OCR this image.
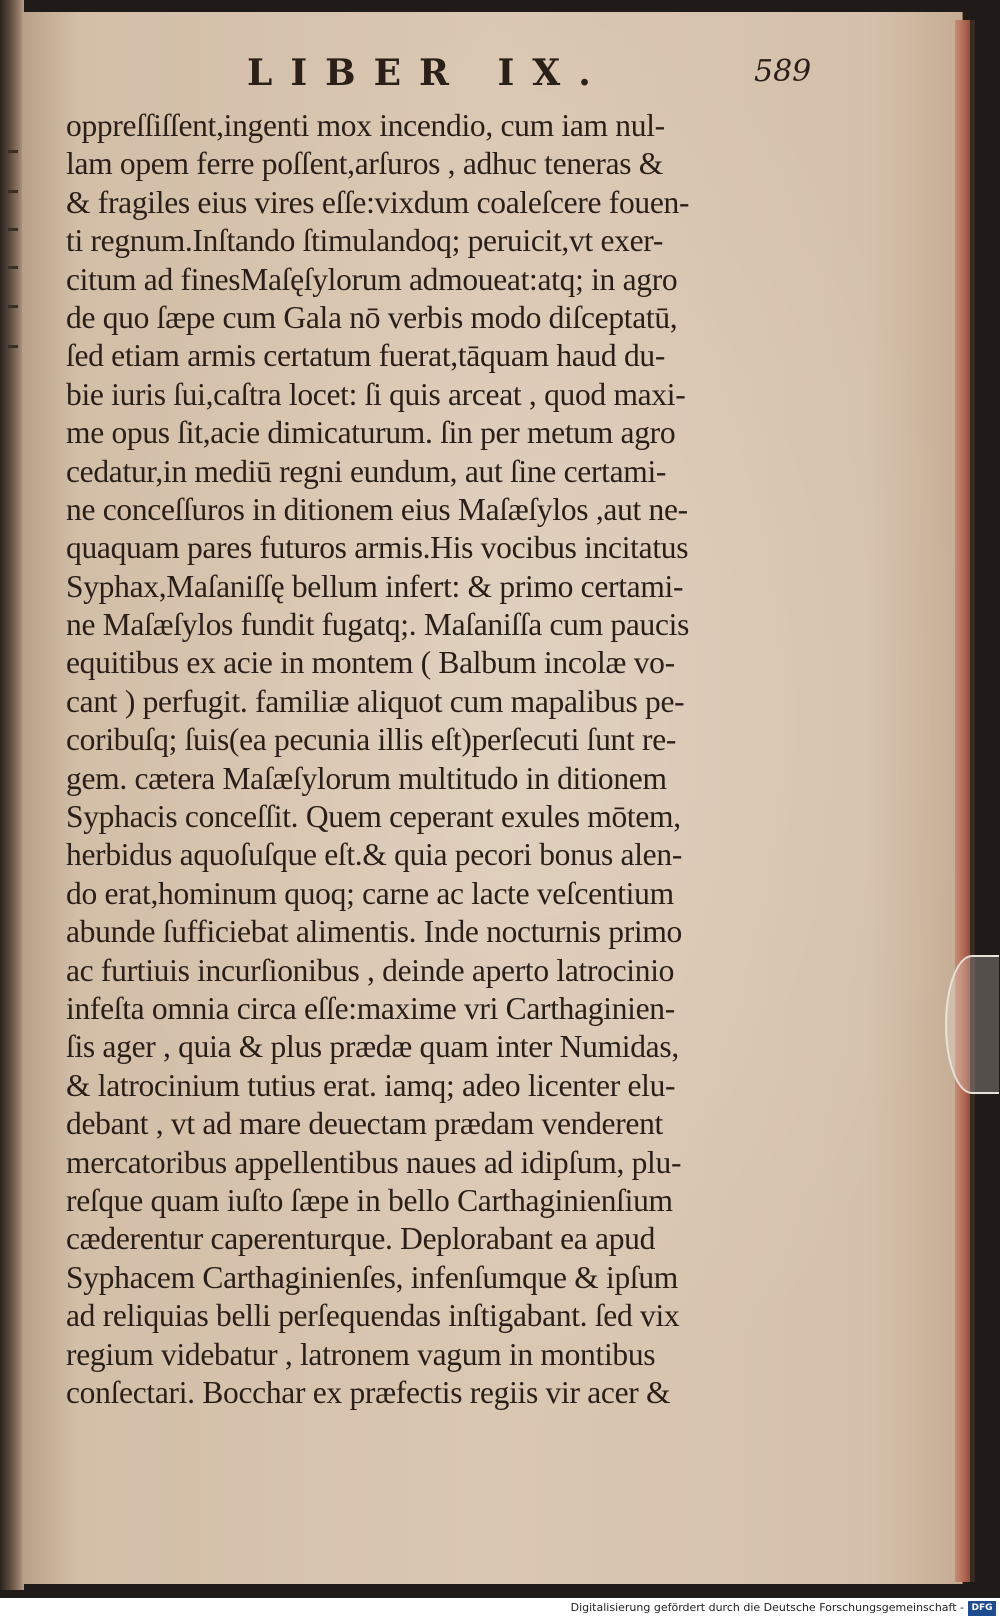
LIBER IX.	589
oppreſſiſſent,ingenti mox incendio, cum iam nul-
lam opem ferre poſſent,arſuros , adhuc teneras &
& fragiles eius vires eſſe:vixdum coaleſcere fouen-
ti regnum.Inſtando ſtimulandoq; peruicit,vt exer-
citum ad finesMaſęſylorum admoueat:atq; in agro
de quo ſæpe cum Gala nō verbis modo diſceptatū,
ſed etiam armis certatum fuerat,tāquam haud du-
bie iuris ſui,caſtra locet: ſi quis arceat , quod maxi-
me opus ſit,acie dimicaturum. ſin per metum agro
cedatur,in mediū regni eundum, aut ſine certami-
ne conceſſuros in ditionem eius Maſæſylos ,aut ne-
quaquam pares futuros armis.His vocibus incitatus
Syphax,Maſaniſſę bellum infert: & primo certami-
ne Maſæſylos fundit fugatq;. Maſaniſſa cum paucis
equitibus ex acie in montem ( Balbum incolæ vo-
cant ) perfugit. familiæ aliquot cum mapalibus pe-
coribuſq; ſuis(ea pecunia illis eſt)perſecuti ſunt re-
gem. cætera Maſæſylorum multitudo in ditionem
Syphacis conceſſit. Quem ceperant exules mōtem,
herbidus aquoſuſque eſt.& quia pecori bonus alen-
do erat,hominum quoq; carne ac lacte veſcentium
abunde ſufficiebat alimentis. Inde nocturnis primo
ac furtiuis incurſionibus , deinde aperto latrocinio
infeſta omnia circa eſſe:maxime vri Carthaginien-
ſis ager , quia & plus prædæ quam inter Numidas,
& latrocinium tutius erat. iamq; adeo licenter elu-
debant , vt ad mare deuectam prædam venderent
mercatoribus appellentibus naues ad idipſum, plu-
reſque quam iuſto ſæpe in bello Carthaginienſium
cæderentur caperenturque. Deplorabant ea apud
Syphacem Carthaginienſes, infenſumque & ipſum
ad reliquias belli perſequendas inſtigabant. ſed vix
regium videbatur , latronem vagum in montibus
conſectari. Bocchar ex præfectis regiis vir acer &
Digitalisierung gefördert durch die Deutsche Forschungsgemeinschaft - DFG
